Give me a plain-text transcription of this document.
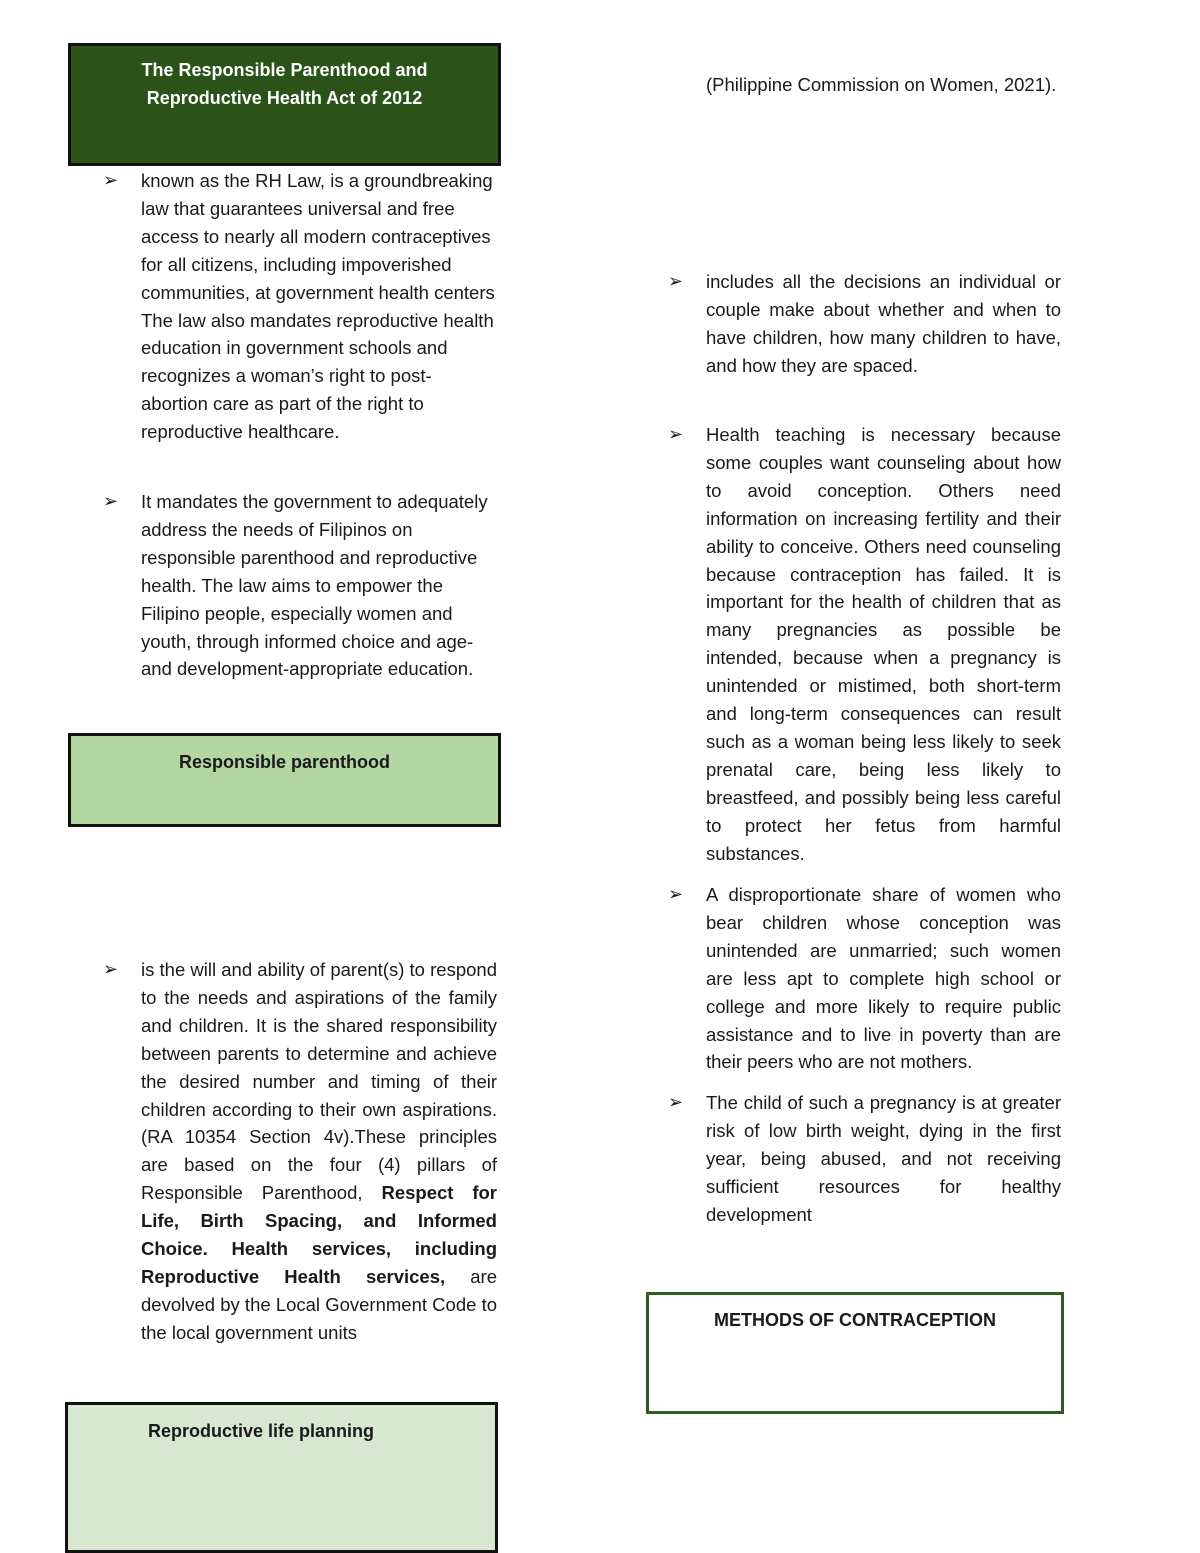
The Responsible Parenthood and Reproductive Health Act of 2012
➢ known as the RH Law, is a groundbreaking law that guarantees universal and free access to nearly all modern contraceptives for all citizens, including impoverished communities, at government health centers The law also mandates reproductive health education in government schools and recognizes a woman’s right to post-abortion care as part of the right to reproductive healthcare.
➢ It mandates the government to adequately address the needs of Filipinos on responsible parenthood and reproductive health. The law aims to empower the Filipino people, especially women and youth, through informed choice and age- and development-appropriate education.
Responsible parenthood
➢ is the will and ability of parent(s) to respond to the needs and aspirations of the family and children. It is the shared responsibility between parents to determine and achieve the desired number and timing of their children according to their own aspirations. (RA 10354 Section 4v).These principles are based on the four (4) pillars of Responsible Parenthood, Respect for Life, Birth Spacing, and Informed Choice. Health services, including Reproductive Health services, are devolved by the Local Government Code to the local government units
Reproductive life planning
(Philippine Commission on Women, 2021).
➢ includes all the decisions an individual or couple make about whether and when to have children, how many children to have, and how they are spaced.
➢ Health teaching is necessary because some couples want counseling about how to avoid conception. Others need information on increasing fertility and their ability to conceive. Others need counseling because contraception has failed. It is important for the health of children that as many pregnancies as possible be intended, because when a pregnancy is unintended or mistimed, both short-term and long-term consequences can result such as a woman being less likely to seek prenatal care, being less likely to breastfeed, and possibly being less careful to protect her fetus from harmful substances.
➢ A disproportionate share of women who bear children whose conception was unintended are unmarried; such women are less apt to complete high school or college and more likely to require public assistance and to live in poverty than are their peers who are not mothers.
➢ The child of such a pregnancy is at greater risk of low birth weight, dying in the first year, being abused, and not receiving sufficient resources for healthy development
METHODS OF CONTRACEPTION
